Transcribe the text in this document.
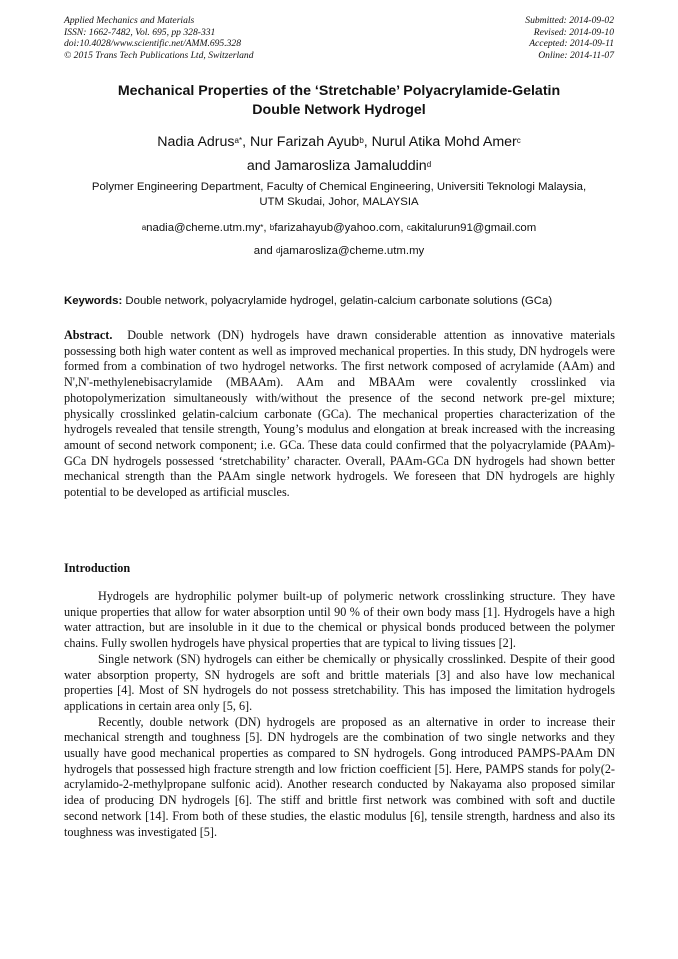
Applied Mechanics and Materials
ISSN: 1662-7482, Vol. 695, pp 328-331
doi:10.4028/www.scientific.net/AMM.695.328
© 2015 Trans Tech Publications Ltd, Switzerland
Submitted: 2014-09-02
Revised: 2014-09-10
Accepted: 2014-09-11
Online: 2014-11-07
Mechanical Properties of the ‘Stretchable’ Polyacrylamide-Gelatin
Double Network Hydrogel
Nadia Adrus$^{a*}$, Nur Farizah Ayub$^b$, Nurul Atika Mohd Amer$^c$
and Jamarosliza Jamaluddin$^d$
Polymer Engineering Department, Faculty of Chemical Engineering, Universiti Teknologi Malaysia,
UTM Skudai, Johor, MALAYSIA
$^a$nadia@cheme.utm.my*, $^b$farizahayub@yahoo.com, $^c$akitalurun91@gmail.com
and $^d$jamarosliza@cheme.utm.my
Keywords: Double network, polyacrylamide hydrogel, gelatin-calcium carbonate solutions (GCa)
Abstract. Double network (DN) hydrogels have drawn considerable attention as innovative materials possessing both high water content as well as improved mechanical properties. In this study, DN hydrogels were formed from a combination of two hydrogel networks. The first network composed of acrylamide (AAm) and N',N'-methylenebisacrylamide (MBAAm). AAm and MBAAm were covalently crosslinked via photopolymerization simultaneously with/without the presence of the second network pre-gel mixture; physically crosslinked gelatin-calcium carbonate (GCa). The mechanical properties characterization of the hydrogels revealed that tensile strength, Young’s modulus and elongation at break increased with the increasing amount of second network component; i.e. GCa. These data could confirmed that the polyacrylamide (PAAm)-GCa DN hydrogels possessed ‘stretchability’ character. Overall, PAAm-GCa DN hydrogels had shown better mechanical strength than the PAAm single network hydrogels. We foreseen that DN hydrogels are highly potential to be developed as artificial muscles.
Introduction

Hydrogels are hydrophilic polymer built-up of polymeric network crosslinking structure. They have unique properties that allow for water absorption until 90 % of their own body mass [1]. Hydrogels have a high water attraction, but are insoluble in it due to the chemical or physical bonds produced between the polymer chains. Fully swollen hydrogels have physical properties that are typical to living tissues [2].

Single network (SN) hydrogels can either be chemically or physically crosslinked. Despite of their good water absorption property, SN hydrogels are soft and brittle materials [3] and also have low mechanical properties [4]. Most of SN hydrogels do not possess stretchability. This has imposed the limitation hydrogels applications in certain area only [5, 6].

Recently, double network (DN) hydrogels are proposed as an alternative in order to increase their mechanical strength and toughness [5]. DN hydrogels are the combination of two single networks and they usually have good mechanical properties as compared to SN hydrogels. Gong introduced PAMPS-PAAm DN hydrogels that possessed high fracture strength and low friction coefficient [5]. Here, PAMPS stands for poly(2-acrylamido-2-methylpropane sulfonic acid). Another research conducted by Nakayama also proposed similar idea of producing DN hydrogels [6]. The stiff and brittle first network was combined with soft and ductile second network [14]. From both of these studies, the elastic modulus [6], tensile strength, hardness and also its toughness was investigated [5].
